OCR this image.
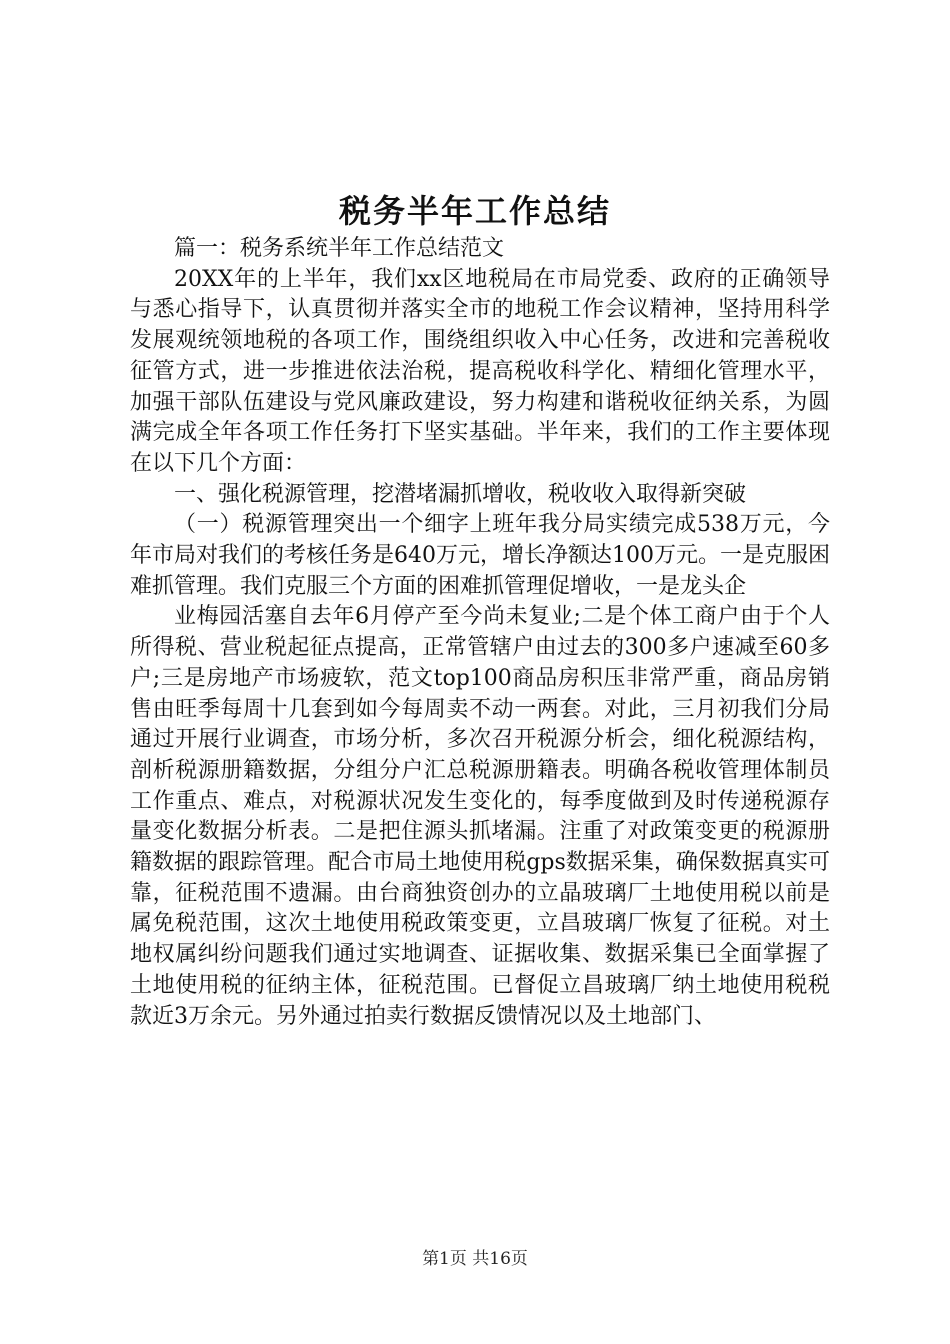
税务半年工作总结

篇一：税务系统半年工作总结范文

20XX年的上半年，我们xx区地税局在市局党委、政府的正确领导与悉心指导下，认真贯彻并落实全市的地税工作会议精神，坚持用科学发展观统领地税的各项工作，围绕组织收入中心任务，改进和完善税收征管方式，进一步推进依法治税，提高税收科学化、精细化管理水平，加强干部队伍建设与党风廉政建设，努力构建和谐税收征纳关系，为圆满完成全年各项工作任务打下坚实基础。半年来，我们的工作主要体现在以下几个方面：

一、强化税源管理，挖潜堵漏抓增收，税收收入取得新突破

（一）税源管理突出一个细字上班年我分局实绩完成538万元，今年市局对我们的考核任务是640万元，增长净额达100万元。一是克服困难抓管理。我们克服三个方面的困难抓管理促增收，一是龙头企

业梅园活塞自去年6月停产至今尚未复业;二是个体工商户由于个人所得税、营业税起征点提高，正常管辖户由过去的300多户速减至60多户;三是房地产市场疲软，范文top100商品房积压非常严重，商品房销售由旺季每周十几套到如今每周卖不动一两套。对此，三月初我们分局通过开展行业调查，市场分析，多次召开税源分析会，细化税源结构，剖析税源册籍数据，分组分户汇总税源册籍表。明确各税收管理体制员工作重点、难点，对税源状况发生变化的，每季度做到及时传递税源存量变化数据分析表。二是把住源头抓堵漏。注重了对政策变更的税源册籍数据的跟踪管理。配合市局土地使用税gps数据采集，确保数据真实可靠，征税范围不遗漏。由台商独资创办的立晶玻璃厂土地使用税以前是属免税范围，这次土地使用税政策变更，立昌玻璃厂恢复了征税。对土地权属纠纷问题我们通过实地调查、证据收集、数据采集已全面掌握了土地使用税的征纳主体，征税范围。已督促立昌玻璃厂纳土地使用税税款近3万余元。另外通过拍卖行数据反馈情况以及土地部门、

第1页 共16页
